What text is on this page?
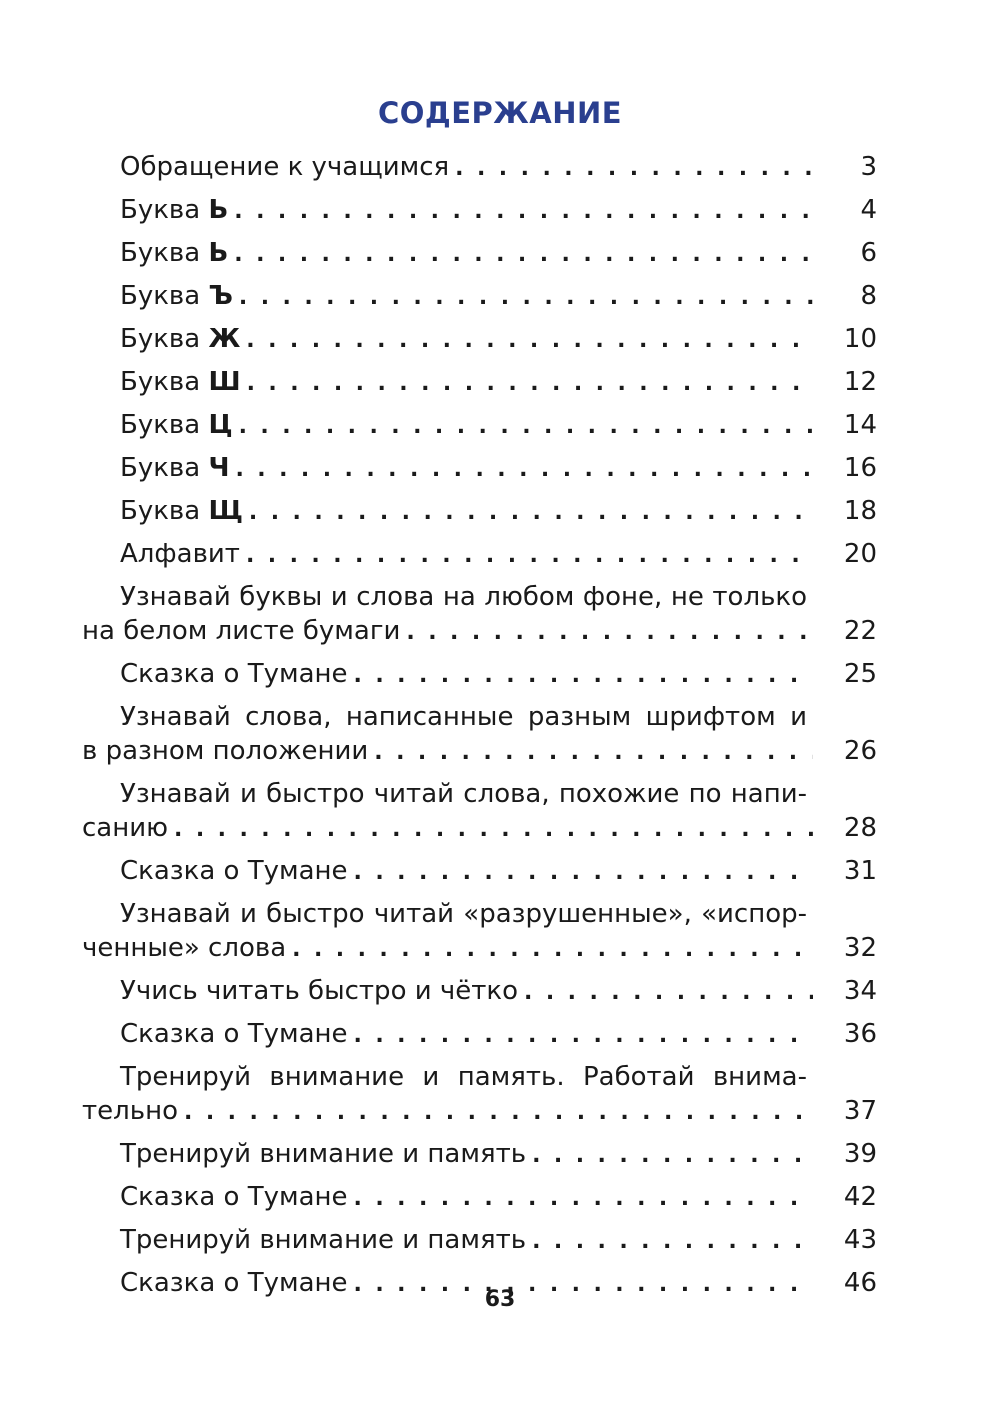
СОДЕРЖАНИЕ
Обращение к учащимся . . .	3
Буква Ь . . .	4
Буква Ь . . .	6
Буква Ъ . . .	8
Буква Ж . . .	10
Буква Ш . . .	12
Буква Ц . . .	14
Буква Ч . . .	16
Буква Щ . . .	18
Алфавит . . .	20
Узнавай буквы и слова на любом фоне, не только
на белом листе бумаги . . .	22
Сказка о Тумане . . .	25
Узнавай слова, написанные разным шрифтом и
в разном положении . . .	26
Узнавай и быстро читай слова, похожие по напи-
санию . . .	28
Сказка о Тумане . . .	31
Узнавай и быстро читай «разрушенные», «испор-
ченные» слова . . .	32
Учись читать быстро и чётко . . .	34
Сказка о Тумане . . .	36
Тренируй внимание и память. Работай внима-
тельно . . .	37
Тренируй внимание и память . . .	39
Сказка о Тумане . . .	42
Тренируй внимание и память . . .	43
Сказка о Тумане . . .	46
63
